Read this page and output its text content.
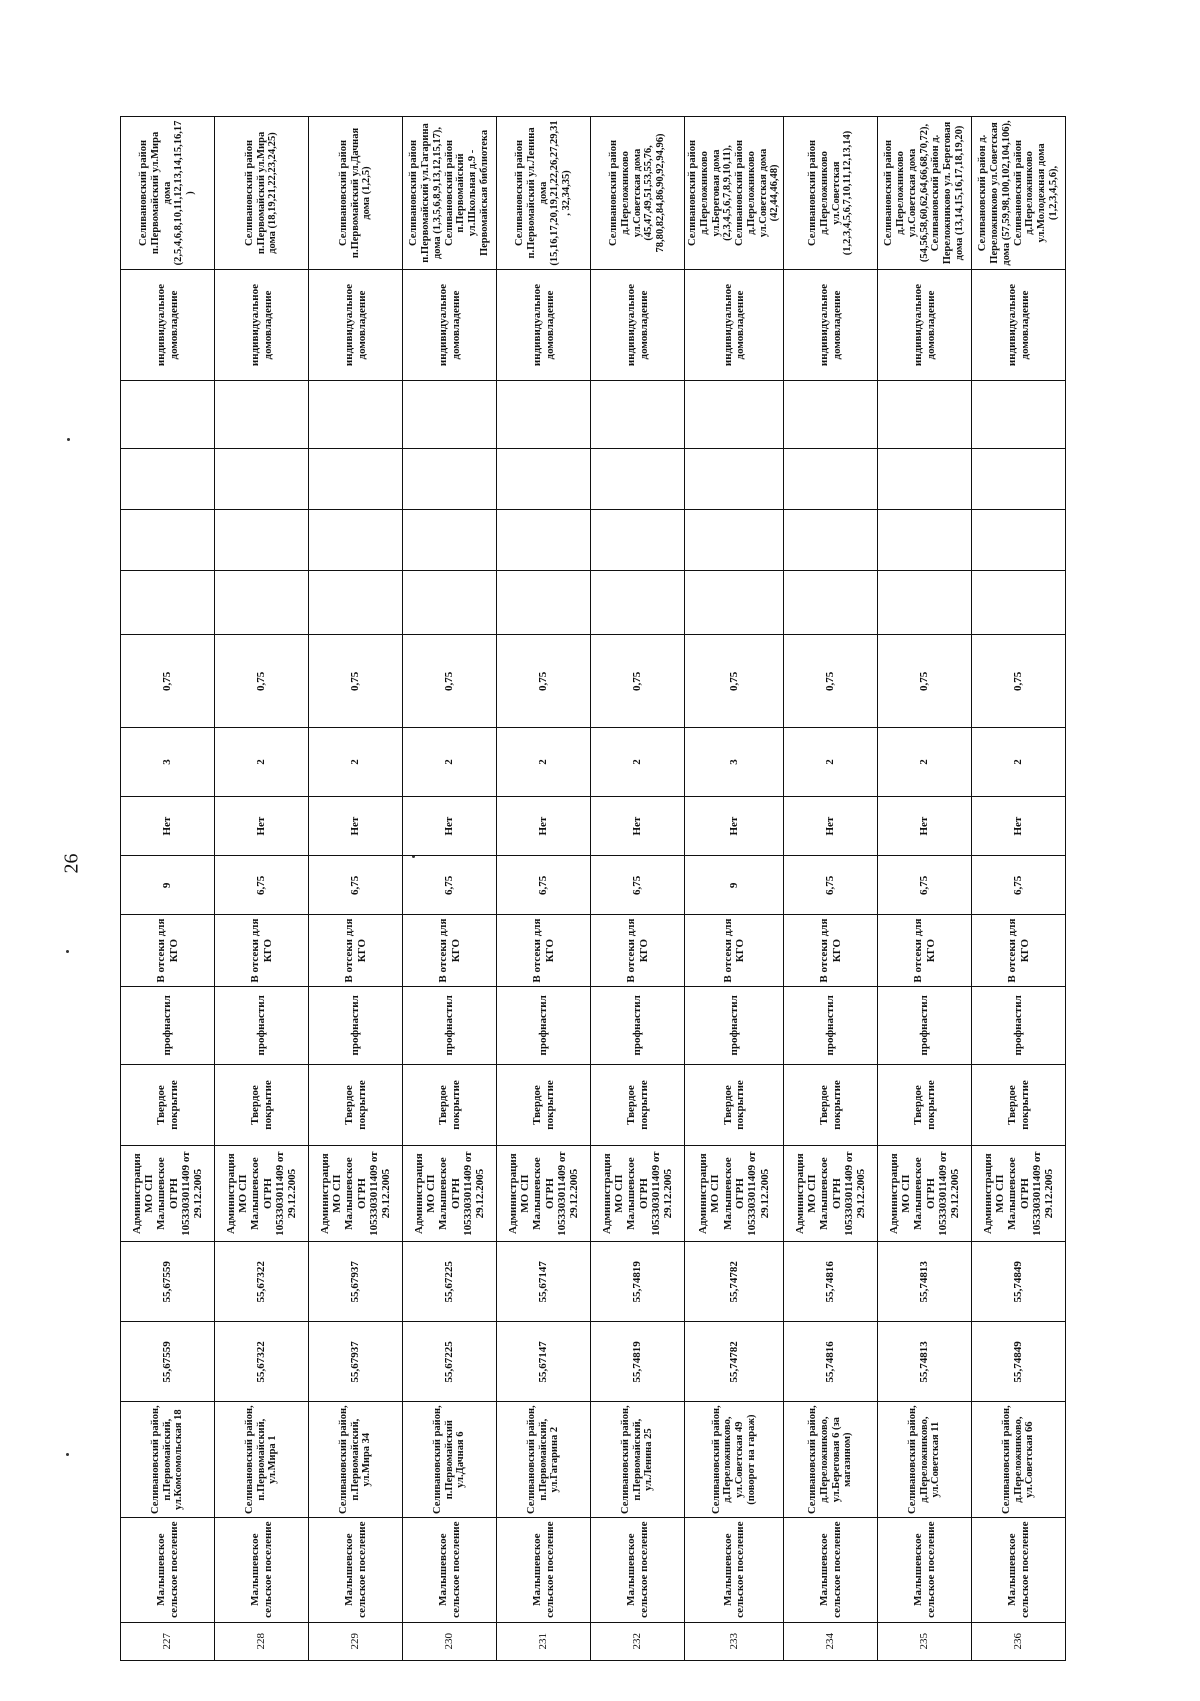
26
227	Малышевское сельское поселение	Селивановский район, п.Первомайский, ул.Комсомольская 18	55,67559	55,67559	Администрация МО СП Малышевское ОГРН 1053303011409 от 29.12.2005	Твердое покрытие	профнастил	В отсеки для КГО	9	Нет	3	0,75					индивидуальное домовладение	Селивановский район п.Первомайский ул.Мира дома (2,5,4,6,8,10,11,12,13,14,15,16,17)
228	Малышевское сельское поселение	Селивановский район, п.Первомайский, ул.Мира 1	55,67322	55,67322	Администрация МО СП Малышевское ОГРН 1053303011409 от 29.12.2005	Твердое покрытие	профнастил	В отсеки для КГО	6,75	Нет	2	0,75					индивидуальное домовладение	Селивановский район п.Первомайский ул.Мира дома (18,19,21,22,23,24,25)
229	Малышевское сельское поселение	Селивановский район, п.Первомайский, ул.Мира 34	55,67937	55,67937	Администрация МО СП Малышевское ОГРН 1053303011409 от 29.12.2005	Твердое покрытие	профнастил	В отсеки для КГО	6,75	Нет	2	0,75					индивидуальное домовладение	Селивановский район п.Первомайский ул.Дачная дома (1,2,5)
230	Малышевское сельское поселение	Селивановский район, п.Первомайский ул.Дачная 6	55,67225	55,67225	Администрация МО СП Малышевское ОГРН 1053303011409 от 29.12.2005	Твердое покрытие	профнастил	В отсеки для КГО	6,75	Нет	2	0,75					индивидуальное домовладение	Селивановский район п.Первомайский ул.Гагарина дома (1,3,5,6,8,9,13,12,15,17), Селивановский район п.Первомайский ул.Школьная д.9 - Первомайская библиотека
231	Малышевское сельское поселение	Селивановский район, п.Первомайский, ул.Гагарина 2	55,67147	55,67147	Администрация МО СП Малышевское ОГРН 1053303011409 от 29.12.2005	Твердое покрытие	профнастил	В отсеки для КГО	6,75	Нет	2	0,75					индивидуальное домовладение	Селивановский район п.Первомайский ул.Ленина дома (15,16,17,20,19,21,22,26,27,29,31, 32,34,35)
232	Малышевское сельское поселение	Селивановский район, п.Первомайский, ул.Ленина 25	55,74819	55,74819	Администрация МО СП Малышевское ОГРН 1053303011409 от 29.12.2005	Твердое покрытие	профнастил	В отсеки для КГО	6,75	Нет	2	0,75					индивидуальное домовладение	Селивановский район д.Переложниково ул.Советская дома (45,47,49,51,53,55,76, 78,80,82,84,86,90,92,94,96)
233	Малышевское сельское поселение	Селивановский район, д.Переложниково, ул.Советская 49 (поворот на гараж)	55,74782	55,74782	Администрация МО СП Малышевское ОГРН 1053303011409 от 29.12.2005	Твердое покрытие	профнастил	В отсеки для КГО	9	Нет	3	0,75					индивидуальное домовладение	Селивановский район д.Переложниково ул.Береговая дома (2,3,4,5,6,7,8,9,10,11), Селивановский район д.Переложниково ул.Советская дома (42,44,46,48)
234	Малышевское сельское поселение	Селивановский район, д.Переложниково, ул.Береговая 6 (за магазином)	55,74816	55,74816	Администрация МО СП Малышевское ОГРН 1053303011409 от 29.12.2005	Твердое покрытие	профнастил	В отсеки для КГО	6,75	Нет	2	0,75					индивидуальное домовладение	Селивановский район д.Переложниково ул.Советская (1,2,3,4,5,6,7,10,11,12,13,14)
235	Малышевское сельское поселение	Селивановский район, д.Переложниково, ул.Советская 11	55,74813	55,74813	Администрация МО СП Малышевское ОГРН 1053303011409 от 29.12.2005	Твердое покрытие	профнастил	В отсеки для КГО	6,75	Нет	2	0,75					индивидуальное домовладение	Селивановский район д.Переложниково ул.Советская дома (54,56,58,60,62,64,66,68,70,72), Селивановский район д. Переложниково ул. Береговая дома (13,14,15,16,17,18,19,20)
236	Малышевское сельское поселение	Селивановский район, д.Переложниково, ул.Советская 66	55,74849	55,74849	Администрация МО СП Малышевское ОГРН 1053303011409 от 29.12.2005	Твердое покрытие	профнастил	В отсеки для КГО	6,75	Нет	2	0,75					индивидуальное домовладение	Селивановский район д. Переложниково ул.Советская дома (57,59,98,100,102,104,106), Селивановский район д.Переложниково ул.Молодежная дома (1,2,3,4,5,6),
